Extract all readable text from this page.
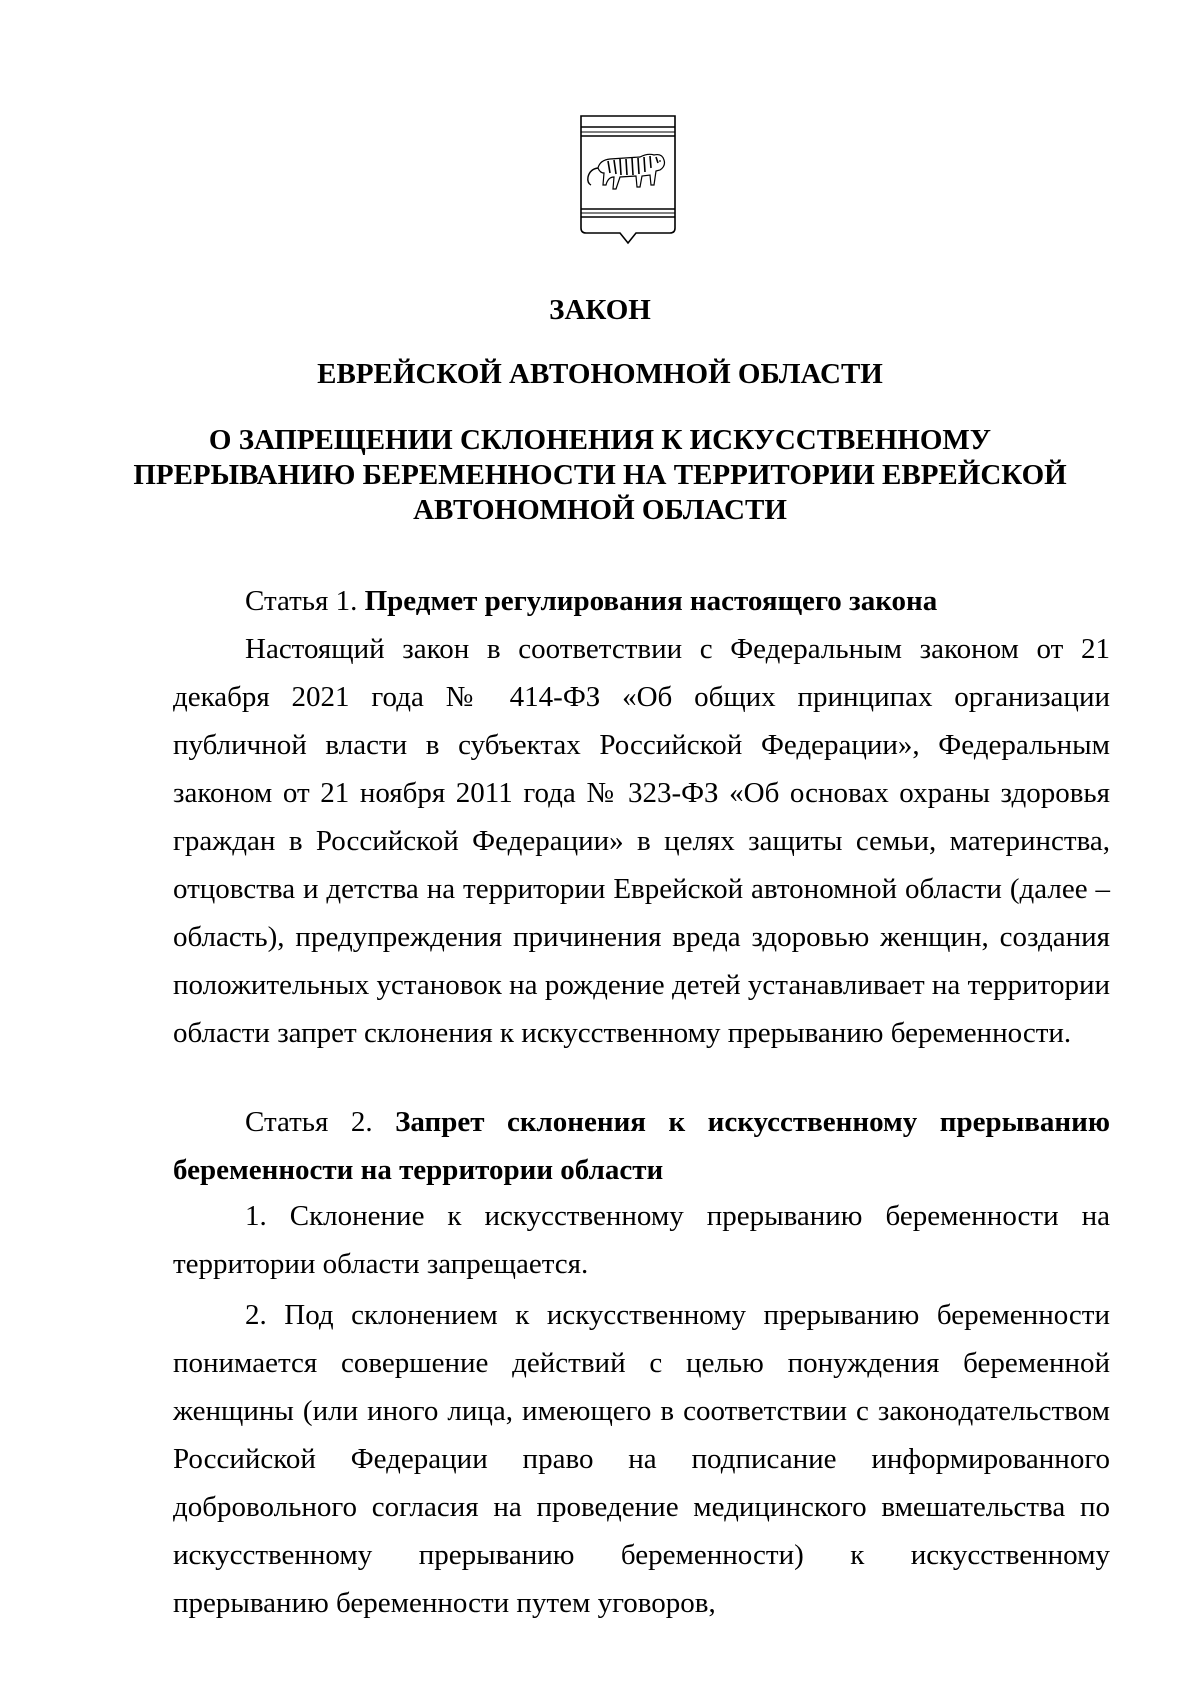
ЗАКОН
ЕВРЕЙСКОЙ АВТОНОМНОЙ ОБЛАСТИ
О ЗАПРЕЩЕНИИ СКЛОНЕНИЯ К ИСКУССТВЕННОМУ
ПРЕРЫВАНИЮ БЕРЕМЕННОСТИ НА ТЕРРИТОРИИ ЕВРЕЙСКОЙ
АВТОНОМНОЙ ОБЛАСТИ

Статья 1. Предмет регулирования настоящего закона

Настоящий закон в соответствии с Федеральным законом от 21 декабря 2021 года № 414-ФЗ «Об общих принципах организации публичной власти в субъектах Российской Федерации», Федеральным законом от 21 ноября 2011 года № 323-ФЗ «Об основах охраны здоровья граждан в Российской Федерации» в целях защиты семьи, материнства, отцовства и детства на территории Еврейской автономной области (далее – область), предупреждения причинения вреда здоровью женщин, создания положительных установок на рождение детей устанавливает на территории области запрет склонения к искусственному прерыванию беременности.

Статья 2. Запрет склонения к искусственному прерыванию беременности на территории области

1. Склонение к искусственному прерыванию беременности на территории области запрещается.

2. Под склонением к искусственному прерыванию беременности понимается совершение действий с целью понуждения беременной женщины (или иного лица, имеющего в соответствии с законодательством Российской Федерации право на подписание информированного добровольного согласия на проведение медицинского вмешательства по искусственному прерыванию беременности) к искусственному прерыванию беременности путем уговоров,
